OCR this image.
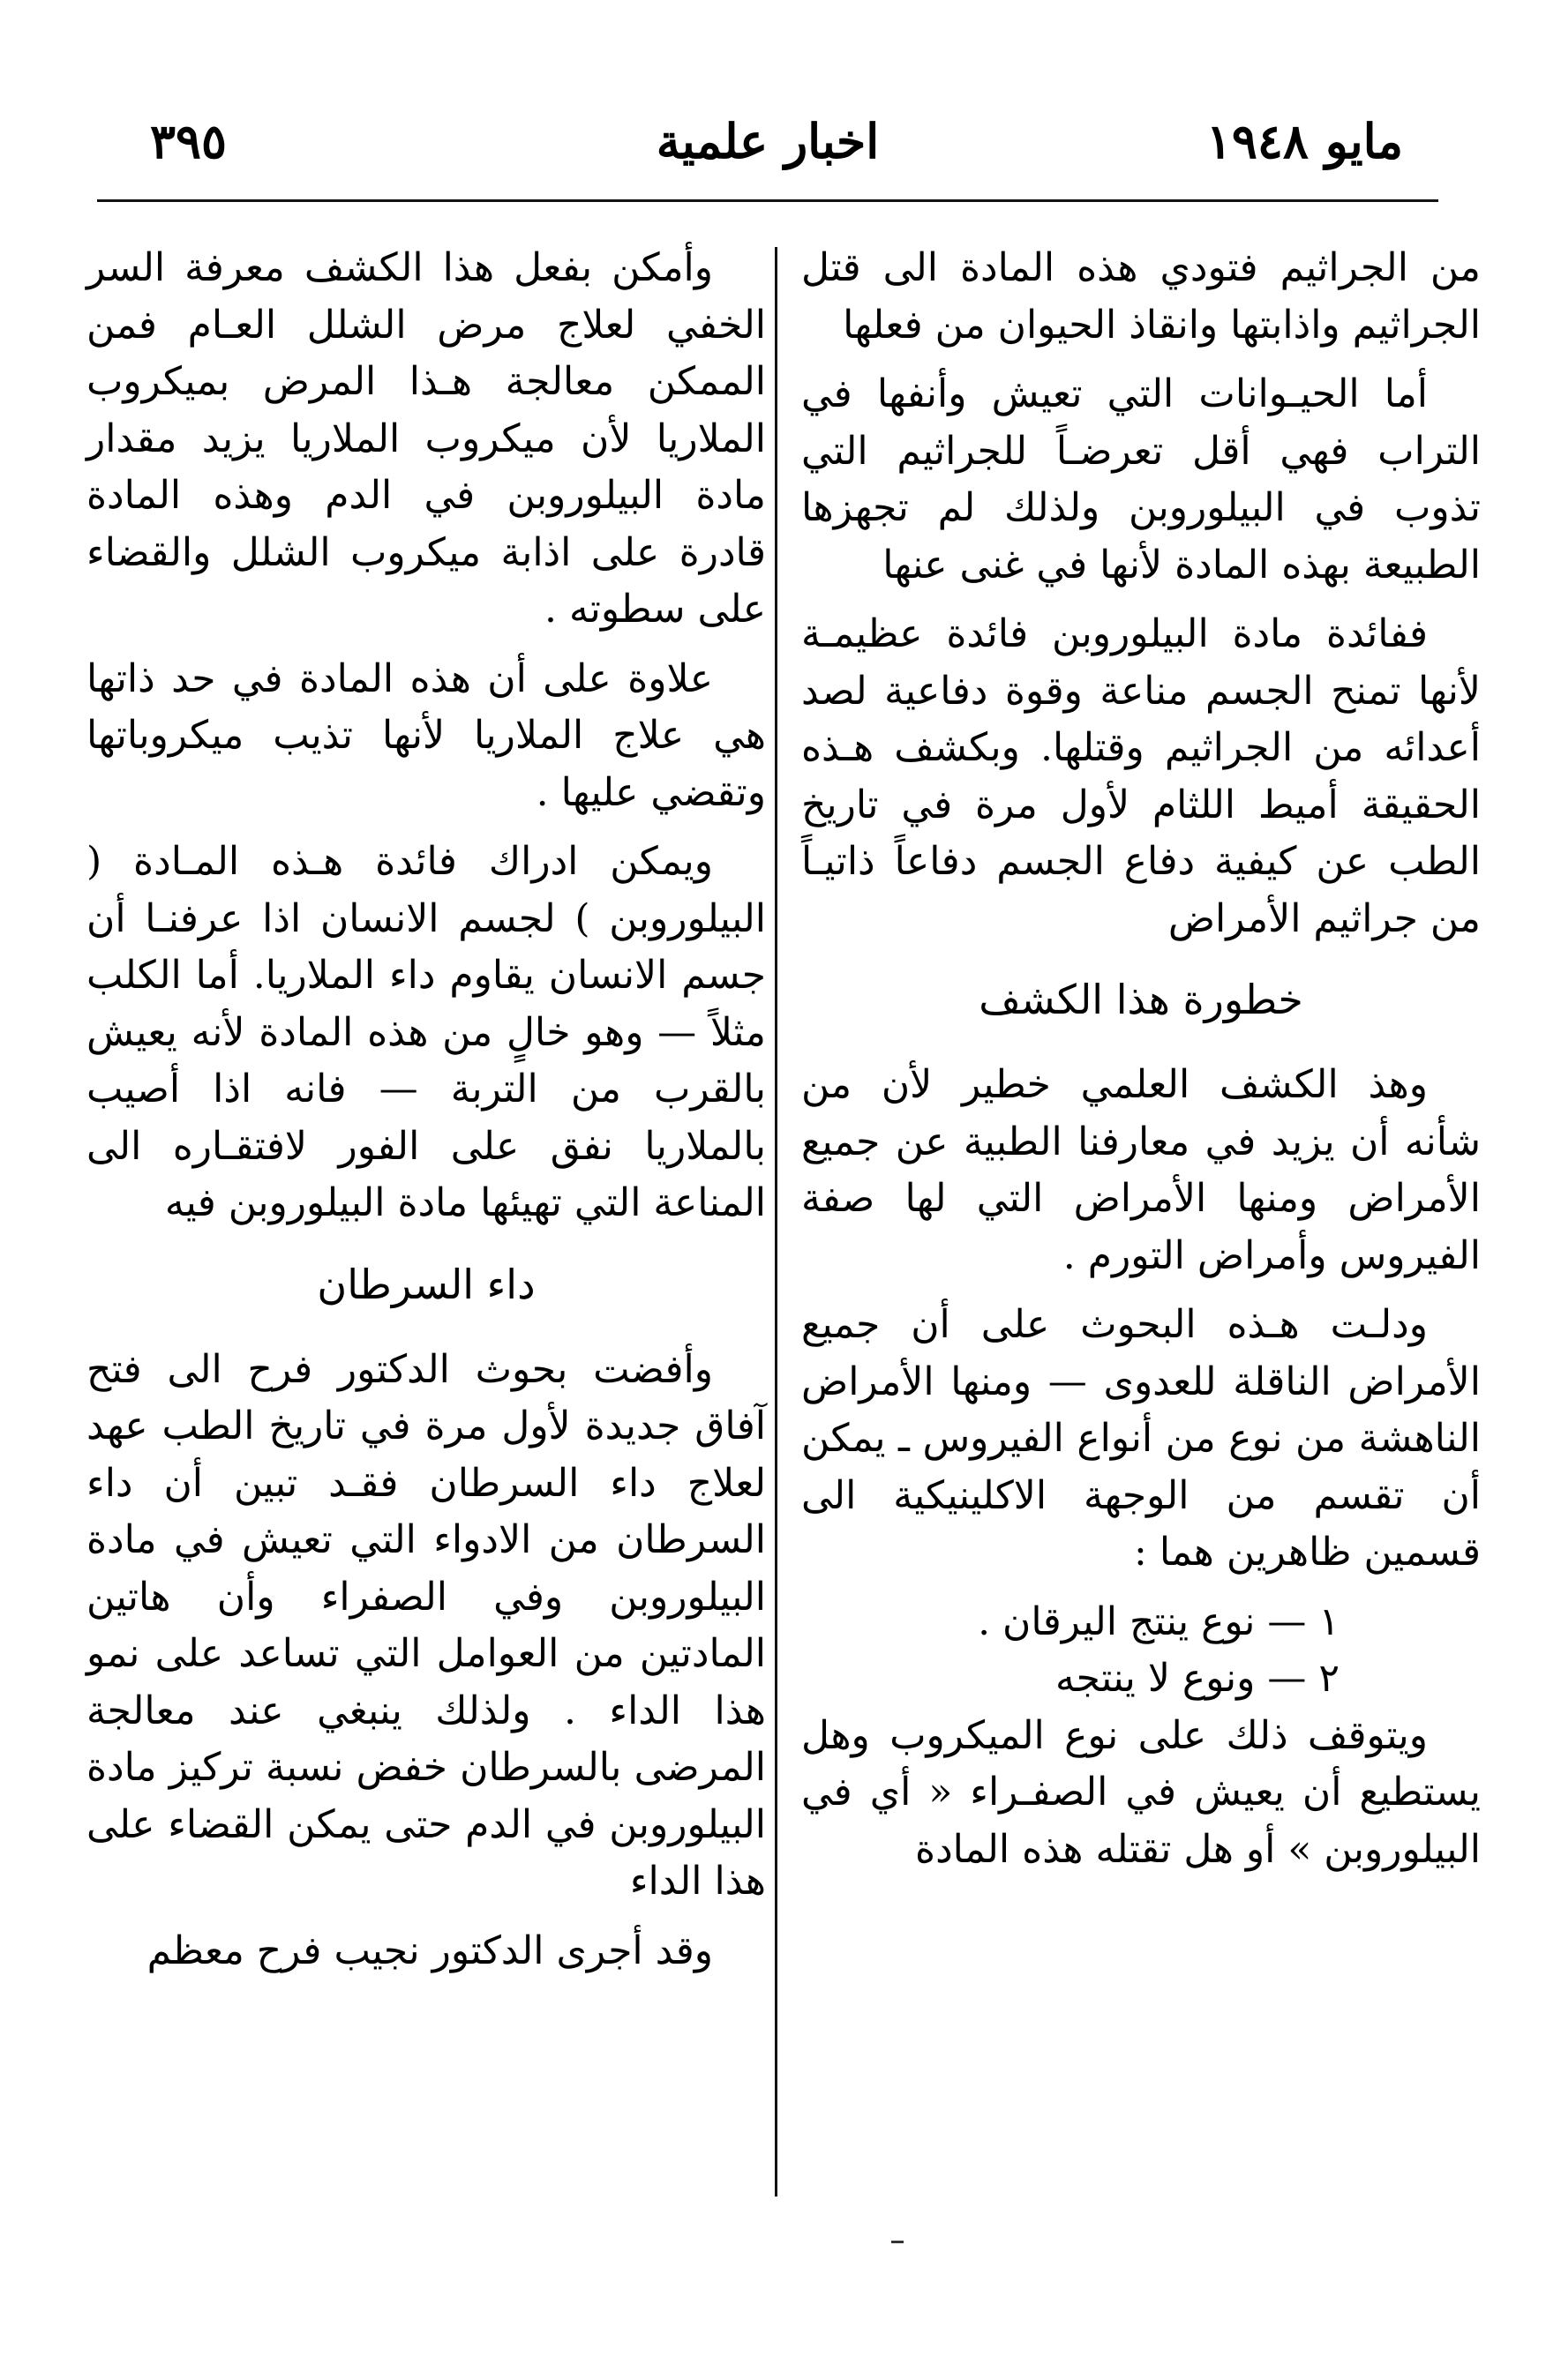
مايو ١٩٤٨
اخبار علمية
٣٩٥

من الجراثيم فتودي هذه المادة الى قتل الجراثيم واذابتها وانقاذ الحيوان من فعلها

أما الحيـوانات التي تعيش وأنفها في التراب فهي أقل تعرضـاً للجراثيم التي تذوب في البيلوروبن ولذلك لم تجهزها الطبيعة بهذه المادة لأنها في غنى عنها

ففائدة مادة البيلوروبن فائدة عظيمـة لأنها تمنح الجسم مناعة وقوة دفاعية لصد أعدائه من الجراثيم وقتلها. وبكشف هـذه الحقيقة أميط اللثام لأول مرة في تاريخ الطب عن كيفية دفاع الجسم دفاعاً ذاتيـاً من جراثيم الأمراض

خطورة هذا الكشف

وهذ الكشف العلمي خطير لأن من شأنه أن يزيد في معارفنا الطبية عن جميع الأمراض ومنها الأمراض التي لها صفة الفيروس وأمراض التورم .

ودلـت هـذه البحوث على أن جميع الأمراض الناقلة للعدوى — ومنها الأمراض الناهشة من نوع من أنواع الفيروس ـ يمكن أن تقسم من الوجهة الاكلينيكية الى قسمين ظاهرين هما :

١ — نوع ينتج اليرقان .

٢ — ونوع لا ينتجه

ويتوقف ذلك على نوع الميكروب وهل يستطيع أن يعيش في الصفـراء « أي في البيلوروبن » أو هل تقتله هذه المادة

وأمكن بفعل هذا الكشف معرفة السر الخفي لعلاج مرض الشلل العـام فمن الممكن معالجة هـذا المرض بميكروب الملاريا لأن ميكروب الملاريا يزيد مقدار مادة البيلوروبن في الدم وهذه المادة قادرة على اذابة ميكروب الشلل والقضاء على سطوته .

علاوة على أن هذه المادة في حد ذاتها هي علاج الملاريا لأنها تذيب ميكروباتها وتقضي عليها .

ويمكن ادراك فائدة هـذه المـادة ( البيلوروبن ) لجسم الانسان اذا عرفنـا أن جسم الانسان يقاوم داء الملاريا. أما الكلب مثلاً — وهو خالٍ من هذه المادة لأنه يعيش بالقرب من التربة — فانه اذا أصيب بالملاريا نفق على الفور لافتقـاره الى المناعة التي تهيئها مادة البيلوروبن فيه

داء السرطان

وأفضت بحوث الدكتور فرح الى فتح آفاق جديدة لأول مرة في تاريخ الطب عهد لعلاج داء السرطان فقـد تبين أن داء السرطان من الادواء التي تعيش في مادة البيلوروبن وفي الصفراء وأن هاتين المادتين من العوامل التي تساعد على نمو هذا الداء . ولذلك ينبغي عند معالجة المرضى بالسرطان خفض نسبة تركيز مادة البيلوروبن في الدم حتى يمكن القضاء على هذا الداء

وقد أجرى الدكتور نجيب فرح معظم
